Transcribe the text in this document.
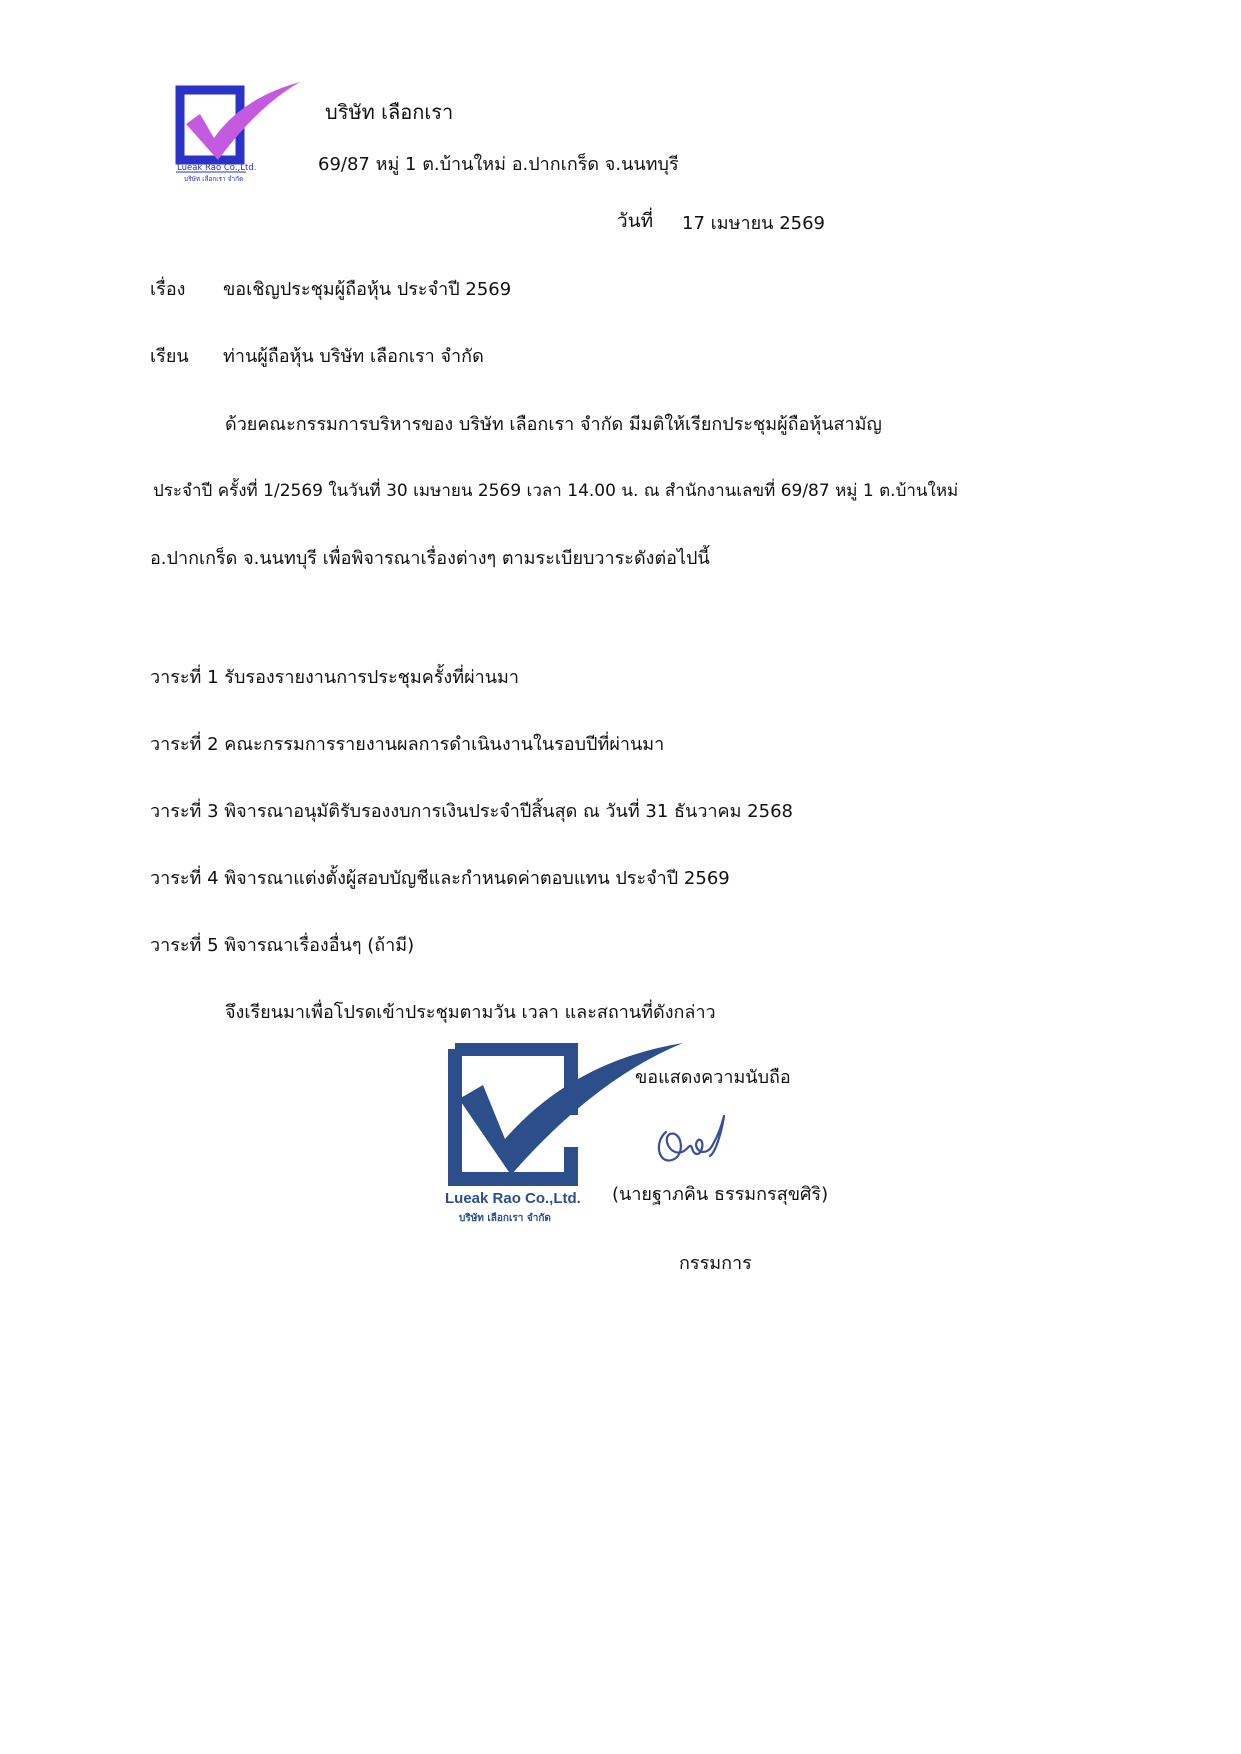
Lueak Rao Co.,Ltd.
บริษัท เลือกเรา จำกัด
บริษัท เลือกเรา
69/87 หมู่ 1 ต.บ้านใหม่ อ.ปากเกร็ด จ.นนทบุรี
วันที่ 17 เมษายน 2569
เรื่อง ขอเชิญประชุมผู้ถือหุ้น ประจำปี 2569
เรียน ท่านผู้ถือหุ้น บริษัท เลือกเรา จำกัด
ด้วยคณะกรรมการบริหารของ บริษัท เลือกเรา จำกัด มีมติให้เรียกประชุมผู้ถือหุ้นสามัญ
ประจำปี ครั้งที่ 1/2569 ในวันที่ 30 เมษายน 2569 เวลา 14.00 น. ณ สำนักงานเลขที่ 69/87 หมู่ 1 ต.บ้านใหม่
อ.ปากเกร็ด จ.นนทบุรี เพื่อพิจารณาเรื่องต่างๆ ตามระเบียบวาระดังต่อไปนี้
วาระที่ 1 รับรองรายงานการประชุมครั้งที่ผ่านมา
วาระที่ 2 คณะกรรมการรายงานผลการดำเนินงานในรอบปีที่ผ่านมา
วาระที่ 3 พิจารณาอนุมัติรับรองงบการเงินประจำปีสิ้นสุด ณ วันที่ 31 ธันวาคม 2568
วาระที่ 4 พิจารณาแต่งตั้งผู้สอบบัญชีและกำหนดค่าตอบแทน ประจำปี 2569
วาระที่ 5 พิจารณาเรื่องอื่นๆ (ถ้ามี)
จึงเรียนมาเพื่อโปรดเข้าประชุมตามวัน เวลา และสถานที่ดังกล่าว
Lueak Rao Co.,Ltd.
บริษัท เลือกเรา จำกัด
ขอแสดงความนับถือ
(นายฐาภคิน ธรรมกรสุขศิริ)
กรรมการ
